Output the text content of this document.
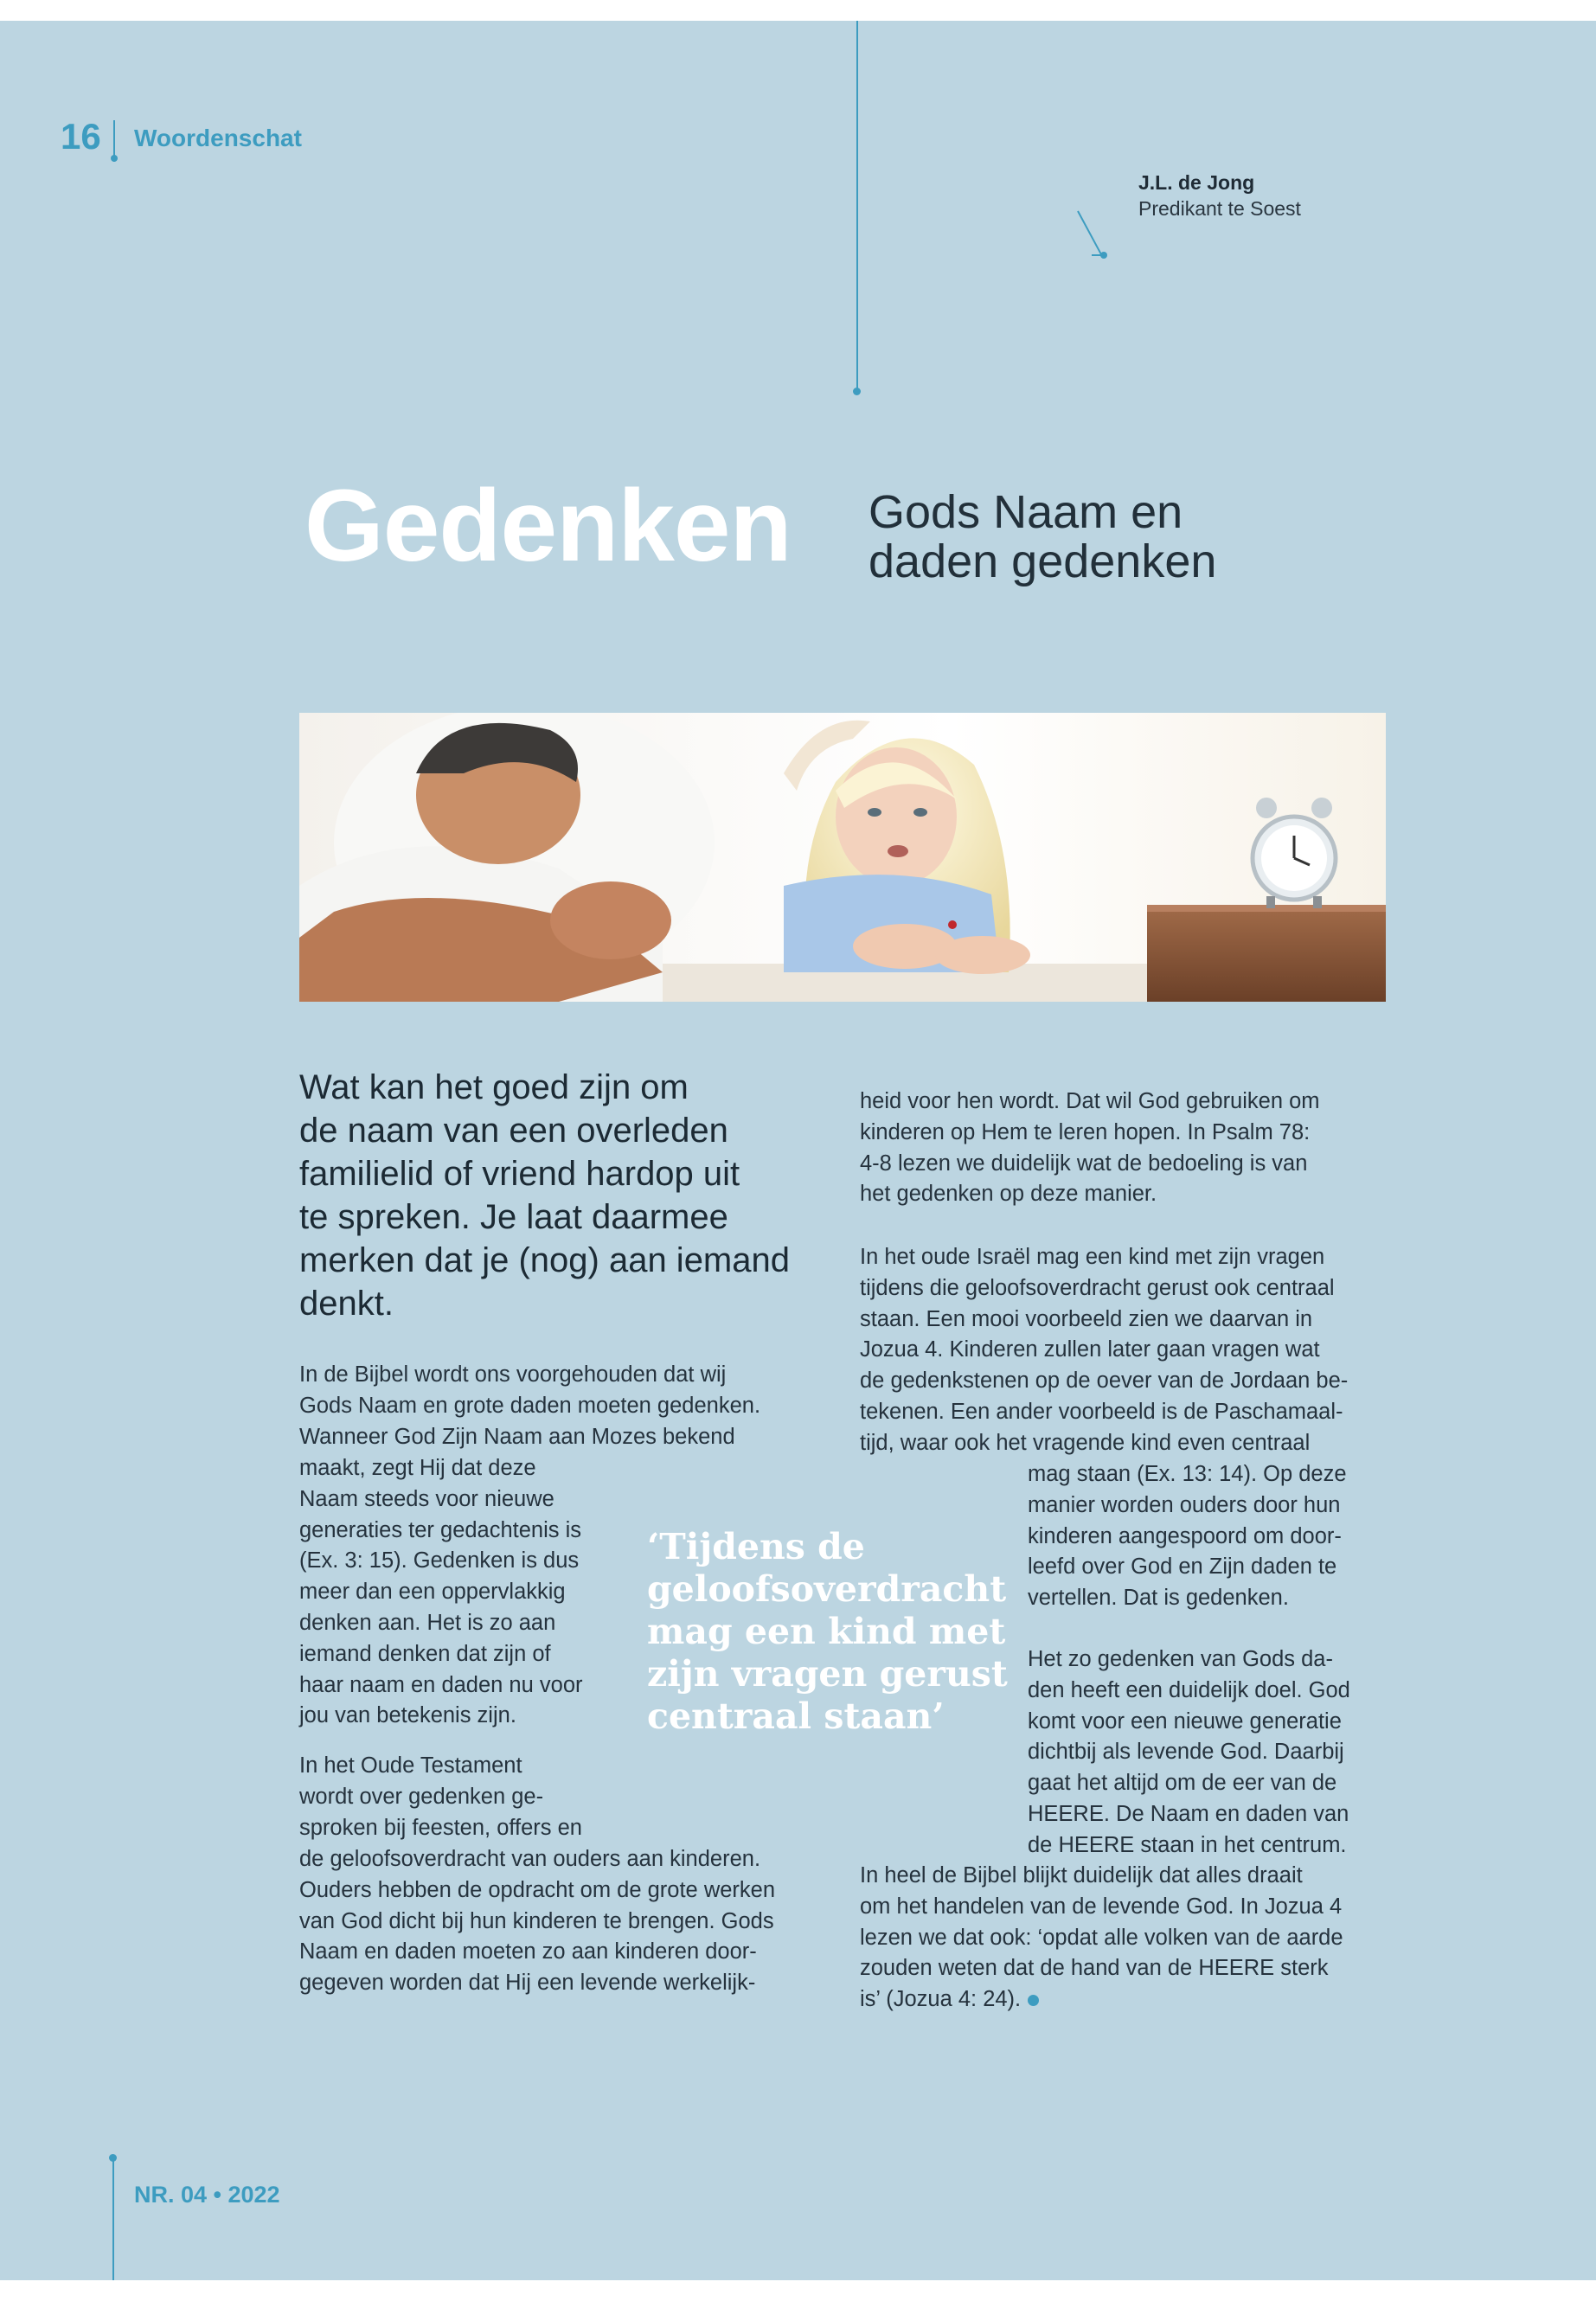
16 Woordenschat
J.L. de Jong
Predikant te Soest
Gedenken Gods Naam en
daden gedenken
Wat kan het goed zijn om
de naam van een overleden
familielid of vriend hardop uit
te spreken. Je laat daarmee
merken dat je (nog) aan iemand
denkt.
In de Bijbel wordt ons voorgehouden dat wij
Gods Naam en grote daden moeten gedenken.
Wanneer God Zijn Naam aan Mozes bekend
maakt, zegt Hij dat deze
Naam steeds voor nieuwe
generaties ter gedachtenis is
(Ex. 3: 15). Gedenken is dus
meer dan een oppervlakkig
denken aan. Het is zo aan
iemand denken dat zijn of
haar naam en daden nu voor
jou van betekenis zijn.
In het Oude Testament
wordt over gedenken ge-
sproken bij feesten, offers en
de geloofsoverdracht van ouders aan kinderen.
Ouders hebben de opdracht om de grote werken
van God dicht bij hun kinderen te brengen. Gods
Naam en daden moeten zo aan kinderen door-
gegeven worden dat Hij een levende werkelijk-
‘Tijdens de
geloofsoverdracht
mag een kind met
zijn vragen gerust
centraal staan’
heid voor hen wordt. Dat wil God gebruiken om
kinderen op Hem te leren hopen. In Psalm 78:
4-8 lezen we duidelijk wat de bedoeling is van
het gedenken op deze manier.
In het oude Israël mag een kind met zijn vragen
tijdens die geloofsoverdracht gerust ook centraal
staan. Een mooi voorbeeld zien we daarvan in
Jozua 4. Kinderen zullen later gaan vragen wat
de gedenkstenen op de oever van de Jordaan be-
tekenen. Een ander voorbeeld is de Paschamaal-
tijd, waar ook het vragende kind even centraal
mag staan (Ex. 13: 14). Op deze
manier worden ouders door hun
kinderen aangespoord om door-
leefd over God en Zijn daden te
vertellen. Dat is gedenken.
Het zo gedenken van Gods da-
den heeft een duidelijk doel. God
komt voor een nieuwe generatie
dichtbij als levende God. Daarbij
gaat het altijd om de eer van de
HEERE. De Naam en daden van
de HEERE staan in het centrum.
In heel de Bijbel blijkt duidelijk dat alles draait
om het handelen van de levende God. In Jozua 4
lezen we dat ook: ‘opdat alle volken van de aarde
zouden weten dat de hand van de HEERE sterk
is’ (Jozua 4: 24).
NR. 04 • 2022
